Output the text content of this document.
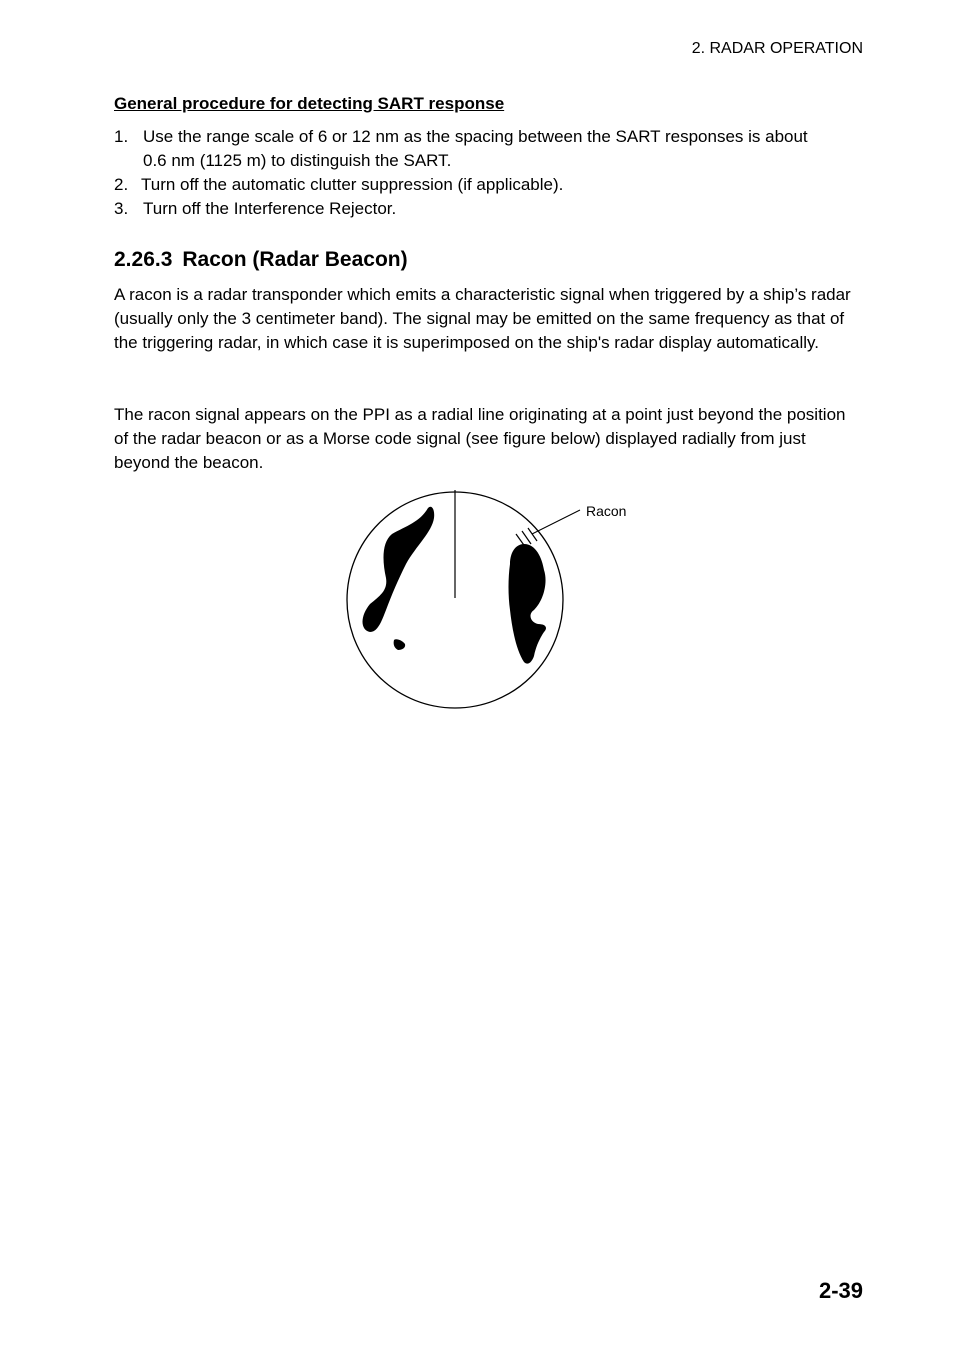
2. RADAR OPERATION
General procedure for detecting SART response
1. Use the range scale of 6 or 12 nm as the spacing between the SART responses is about 0.6 nm (1125 m) to distinguish the SART.
2. Turn off the automatic clutter suppression (if applicable).
3. Turn off the Interference Rejector.
2.26.3 Racon (Radar Beacon)

A racon is a radar transponder which emits a characteristic signal when triggered by a ship’s radar (usually only the 3 centimeter band). The signal may be emitted on the same frequency as that of the triggering radar, in which case it is superimposed on the ship's radar display automatically.

The racon signal appears on the PPI as a radial line originating at a point just beyond the position of the radar beacon or as a Morse code signal (see figure below) displayed radially from just beyond the beacon.

Racon
2-39
